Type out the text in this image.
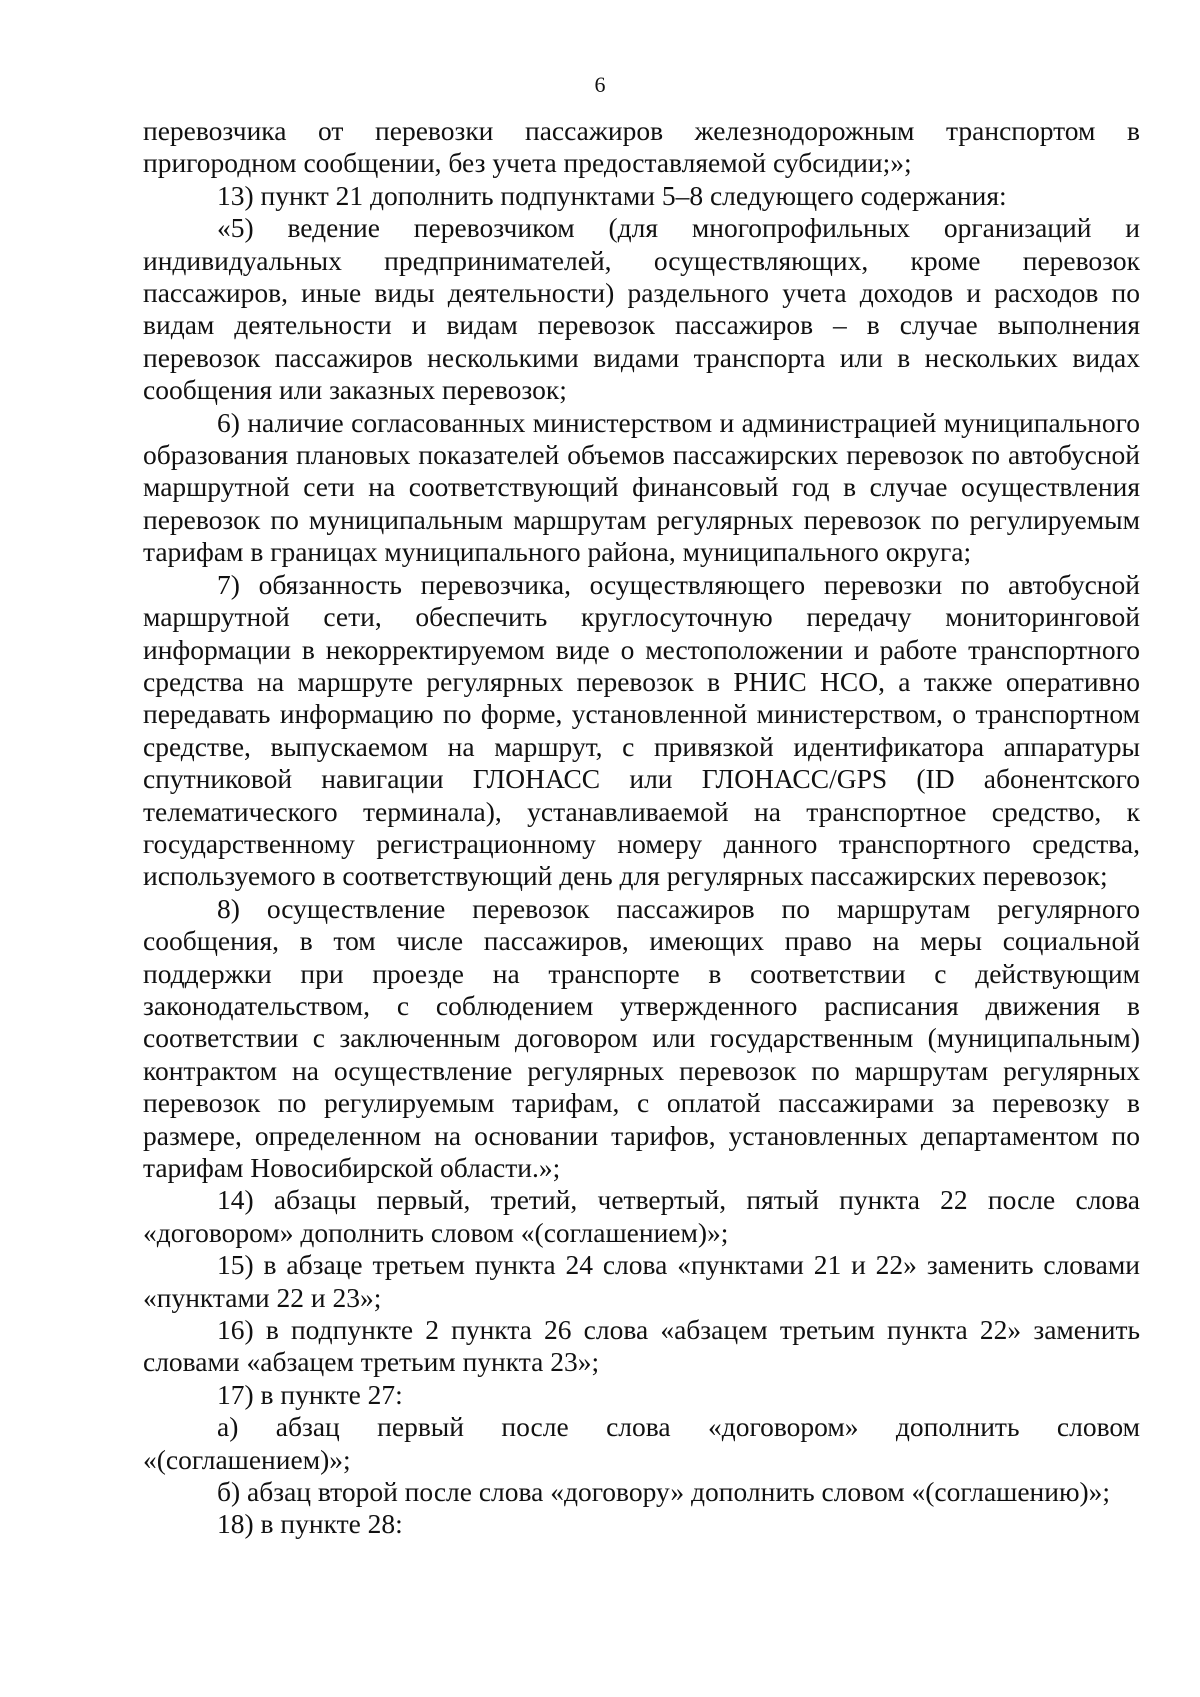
6

перевозчика от перевозки пассажиров железнодорожным транспортом в пригородном сообщении, без учета предоставляемой субсидии;»;

13) пункт 21 дополнить подпунктами 5–8 следующего содержания:

«5) ведение перевозчиком (для многопрофильных организаций и индивидуальных предпринимателей, осуществляющих, кроме перевозок пассажиров, иные виды деятельности) раздельного учета доходов и расходов по видам деятельности и видам перевозок пассажиров – в случае выполнения перевозок пассажиров несколькими видами транспорта или в нескольких видах сообщения или заказных перевозок;

6) наличие согласованных министерством и администрацией муниципального образования плановых показателей объемов пассажирских перевозок по автобусной маршрутной сети на соответствующий финансовый год в случае осуществления перевозок по муниципальным маршрутам регулярных перевозок по регулируемым тарифам в границах муниципального района, муниципального округа;

7) обязанность перевозчика, осуществляющего перевозки по автобусной маршрутной сети, обеспечить круглосуточную передачу мониторинговой информации в некорректируемом виде о местоположении и работе транспортного средства на маршруте регулярных перевозок в РНИС НСО, а также оперативно передавать информацию по форме, установленной министерством, о транспортном средстве, выпускаемом на маршрут, с привязкой идентификатора аппаратуры спутниковой навигации ГЛОНАСС или ГЛОНАСС/GPS (ID абонентского телематического терминала), устанавливаемой на транспортное средство, к государственному регистрационному номеру данного транспортного средства, используемого в соответствующий день для регулярных пассажирских перевозок;

8) осуществление перевозок пассажиров по маршрутам регулярного сообщения, в том числе пассажиров, имеющих право на меры социальной поддержки при проезде на транспорте в соответствии с действующим законодательством, с соблюдением утвержденного расписания движения в соответствии с заключенным договором или государственным (муниципальным) контрактом на осуществление регулярных перевозок по маршрутам регулярных перевозок по регулируемым тарифам, с оплатой пассажирами за перевозку в размере, определенном на основании тарифов, установленных департаментом по тарифам Новосибирской области.»;

14) абзацы первый, третий, четвертый, пятый пункта 22 после слова «договором» дополнить словом «(соглашением)»;

15) в абзаце третьем пункта 24 слова «пунктами 21 и 22» заменить словами «пунктами 22 и 23»;

16) в подпункте 2 пункта 26 слова «абзацем третьим пункта 22» заменить словами «абзацем третьим пункта 23»;

17) в пункте 27:

а) абзац первый после слова «договором» дополнить словом «(соглашением)»;

б) абзац второй после слова «договору» дополнить словом «(соглашению)»;

18) в пункте 28:
